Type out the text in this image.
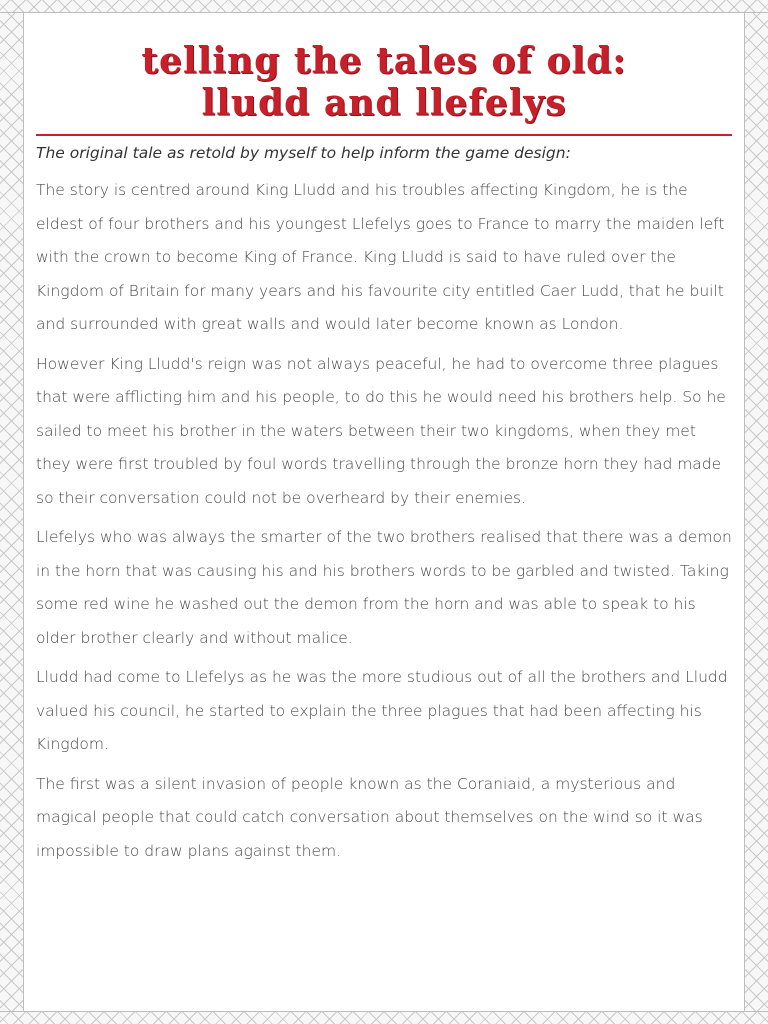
telling the tales of old:
lludd and llefelys

The original tale as retold by myself to help inform the game design:

The story is centred around King Lludd and his troubles affecting Kingdom, he is the eldest of four brothers and his youngest Llefelys goes to France to marry the maiden left with the crown to become King of France. King Lludd is said to have ruled over the Kingdom of Britain for many years and his favourite city entitled Caer Ludd, that he built and surrounded with great walls and would later become known as London.

However King Lludd's reign was not always peaceful, he had to overcome three plagues that were afflicting him and his people, to do this he would need his brothers help. So he sailed to meet his brother in the waters between their two kingdoms, when they met they were first troubled by foul words travelling through the bronze horn they had made so their conversation could not be overheard by their enemies.

Llefelys who was always the smarter of the two brothers realised that there was a demon in the horn that was causing his and his brothers words to be garbled and twisted. Taking some red wine he washed out the demon from the horn and was able to speak to his older brother clearly and without malice.

Lludd had come to Llefelys as he was the more studious out of all the brothers and Lludd valued his council, he started to explain the three plagues that had been affecting his Kingdom.

The first was a silent invasion of people known as the Coraniaid, a mysterious and magical people that could catch conversation about themselves on the wind so it was impossible to draw plans against them.
